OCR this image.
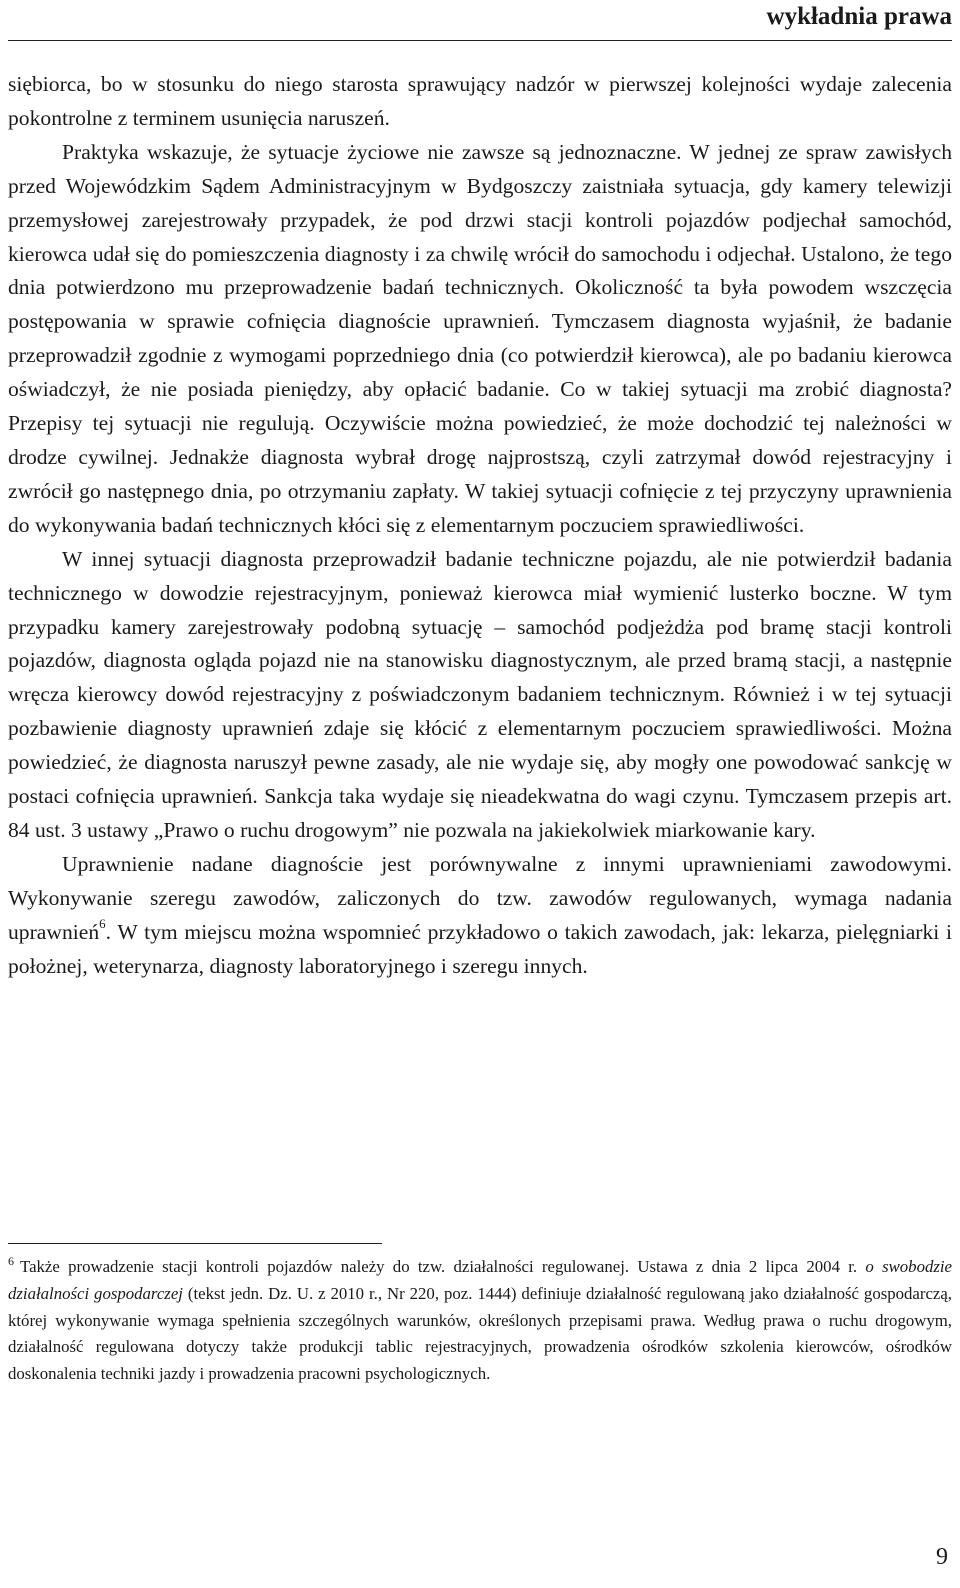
wykładnia prawa

siębiorca, bo w stosunku do niego starosta sprawujący nadzór w pierwszej kolejności wydaje zalecenia pokontrolne z terminem usunięcia naruszeń.

Praktyka wskazuje, że sytuacje życiowe nie zawsze są jednoznaczne. W jednej ze spraw zawisłych przed Wojewódzkim Sądem Administracyjnym w Bydgoszczy zaistniała sytuacja, gdy kamery telewizji przemysłowej zarejestrowały przypadek, że pod drzwi stacji kontroli pojazdów podjechał samochód, kierowca udał się do pomieszczenia diagnosty i za chwilę wrócił do samochodu i odjechał. Ustalono, że tego dnia potwierdzono mu przeprowadzenie badań technicznych. Okoliczność ta była powodem wszczęcia postępowania w sprawie cofnięcia diagnoście uprawnień. Tymczasem diagnosta wyjaśnił, że badanie przeprowadził zgodnie z wymogami poprzedniego dnia (co potwierdził kierowca), ale po badaniu kierowca oświadczył, że nie posiada pieniędzy, aby opłacić badanie. Co w takiej sytuacji ma zrobić diagnosta? Przepisy tej sytuacji nie regulują. Oczywiście można powiedzieć, że może dochodzić tej należności w drodze cywilnej. Jednakże diagnosta wybrał drogę najprostszą, czyli zatrzymał dowód rejestracyjny i zwrócił go następnego dnia, po otrzymaniu zapłaty. W takiej sytuacji cofnięcie z tej przyczyny uprawnienia do wykonywania badań technicznych kłóci się z elementarnym poczuciem sprawiedliwości.

W innej sytuacji diagnosta przeprowadził badanie techniczne pojazdu, ale nie potwierdził badania technicznego w dowodzie rejestracyjnym, ponieważ kierowca miał wymienić lusterko boczne. W tym przypadku kamery zarejestrowały podobną sytuację – samochód podjeżdża pod bramę stacji kontroli pojazdów, diagnosta ogląda pojazd nie na stanowisku diagnostycznym, ale przed bramą stacji, a następnie wręcza kierowcy dowód rejestracyjny z poświadczonym badaniem technicznym. Również i w tej sytuacji pozbawienie diagnosty uprawnień zdaje się kłócić z elementarnym poczuciem sprawiedliwości. Można powiedzieć, że diagnosta naruszył pewne zasady, ale nie wydaje się, aby mogły one powodować sankcję w postaci cofnięcia uprawnień. Sankcja taka wydaje się nieadekwatna do wagi czynu. Tymczasem przepis art. 84 ust. 3 ustawy „Prawo o ruchu drogowym” nie pozwala na jakiekolwiek miarkowanie kary.

Uprawnienie nadane diagnoście jest porównywalne z innymi uprawnieniami zawodowymi. Wykonywanie szeregu zawodów, zaliczonych do tzw. zawodów regulowanych, wymaga nadania uprawnień$^6$. W tym miejscu można wspomnieć przykładowo o takich zawodach, jak: lekarza, pielęgniarki i położnej, weterynarza, diagnosty laboratoryjnego i szeregu innych.

$^6$ Także prowadzenie stacji kontroli pojazdów należy do tzw. działalności regulowanej. Ustawa z dnia 2 lipca 2004 r. o swobodzie działalności gospodarczej (tekst jedn. Dz. U. z 2010 r., Nr 220, poz. 1444) definiuje działalność regulowaną jako działalność gospodarczą, której wykonywanie wymaga spełnienia szczególnych warunków, określonych przepisami prawa. Według prawa o ruchu drogowym, działalność regulowana dotyczy także produkcji tablic rejestracyjnych, prowadzenia ośrodków szkolenia kierowców, ośrodków doskonalenia techniki jazdy i prowadzenia pracowni psychologicznych.
9
